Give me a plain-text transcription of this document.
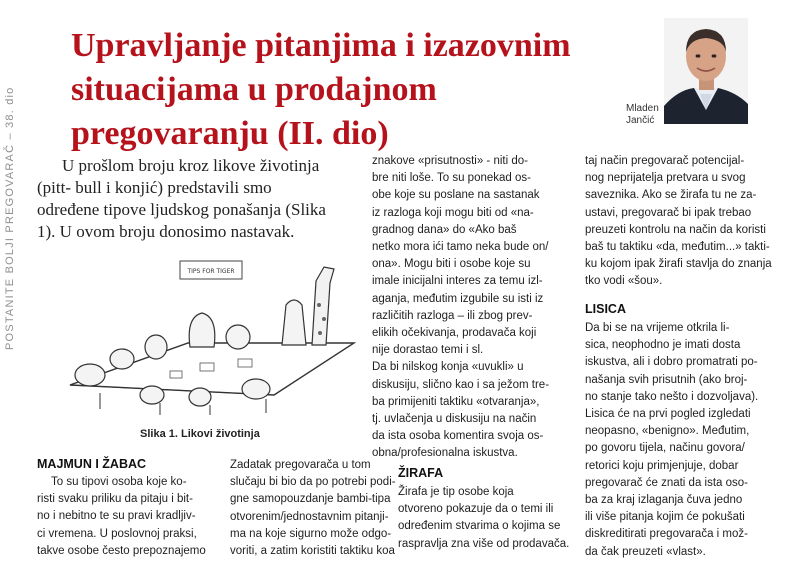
POSTANITE BOLJI PREGOVARAČ – 38. dio
Upravljanje pitanjima i izazovnim situacijama u prodajnom pregovaranju (II. dio)
Mladen
Jančić

U prošlom broju kroz likove životinja
(pitt- bull i konjić) predstavili smo
određene tipove ljudskog ponašanja (Slika
1). U ovom broju donosimo nastavak.

TIPS FOR TIGER
Slika 1. Likovi životinja
MAJMUN I ŽABAC

To su tipovi osoba koje ko-
risti svaku priliku da pitaju i bit-
no i nebitno te su pravi kradljiv-
ci vremena. U poslovnoj praksi,
takve osobe često prepoznajemo

Zadatak pregovarača u tom
slučaju bi bio da po potrebi podi-
gne samopouzdanje bambi-tipa
otvorenim/jednostavnim pitanji-
ma na koje sigurno može odgo-
voriti, a zatim koristiti taktiku koa

znakove «prisutnosti» - niti do-
bre niti loše. To su ponekad os-
obe koje su poslane na sastanak
iz razloga koji mogu biti od «na-
gradnog dana» do «Ako baš
netko mora ići tamo neka bude on/
ona». Mogu biti i osobe koje su
imale inicijalni interes za temu izl-
aganja, međutim izgubile su isti iz
različitih razloga – ili zbog prev-
elikih očekivanja, prodavača koji
nije dorastao temi i sl.
Da bi nilskog konja «uvukli» u
diskusiju, slično kao i sa ježom tre-
ba primijeniti taktiku «otvaranja»,
tj. uvlačenja u diskusiju na način
da ista osoba komentira svoja os-
obna/profesionalna iskustva.

ŽIRAFA

Žirafa je tip osobe koja
otvoreno pokazuje da o temi ili
određenim stvarima o kojima se
raspravlja zna više od prodavača.

taj način pregovarač potencijal-
nog neprijatelja pretvara u svog
saveznika. Ako se žirafa tu ne za-
ustavi, pregovarač bi ipak trebao
preuzeti kontrolu na način da koristi
baš tu taktiku «da, međutim...» takti-
ku kojom ipak žirafi stavlja do znanja
tko vodi «šou».

LISICA

Da bi se na vrijeme otkrila li-
sica, neophodno je imati dosta
iskustva, ali i dobro promatrati po-
našanja svih prisutnih (ako broj-
no stanje tako nešto i dozvoljava).
Lisica će na prvi pogled izgledati
neopasno, «benigno». Međutim,
po govoru tijela, načinu govora/
retorici koju primjenjuje, dobar
pregovarač će znati da ista oso-
ba za kraj izlaganja čuva jedno
ili više pitanja kojim će pokušati
diskreditirati pregovarača i mož-
da čak preuzeti «vlast».
